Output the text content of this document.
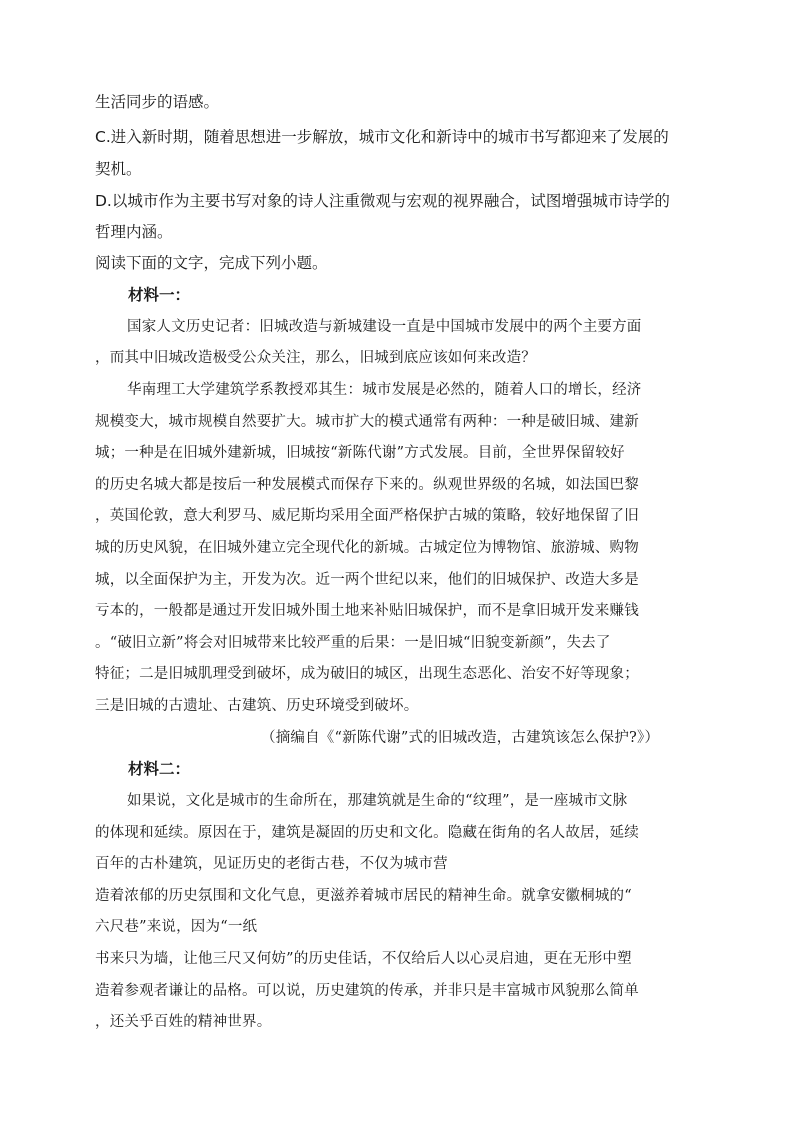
生活同步的语感。
C.进入新时期，随着思想进一步解放，城市文化和新诗中的城市书写都迎来了发展的
契机。
D.以城市作为主要书写对象的诗人注重微观与宏观的视界融合，试图增强城市诗学的
哲理内涵。
阅读下面的文字，完成下列小题。
材料一：
国家人文历史记者：旧城改造与新城建设一直是中国城市发展中的两个主要方面
，而其中旧城改造极受公众关注，那么，旧城到底应该如何来改造？
华南理工大学建筑学系教授邓其生：城市发展是必然的，随着人口的增长，经济
规模变大，城市规模自然要扩大。城市扩大的模式通常有两种：一种是破旧城、建新
城；一种是在旧城外建新城，旧城按“新陈代谢”方式发展。目前，全世界保留较好
的历史名城大都是按后一种发展模式而保存下来的。纵观世界级的名城，如法国巴黎
，英国伦敦，意大利罗马、威尼斯均采用全面严格保护古城的策略，较好地保留了旧
城的历史风貌，在旧城外建立完全现代化的新城。古城定位为博物馆、旅游城、购物
城，以全面保护为主，开发为次。近一两个世纪以来，他们的旧城保护、改造大多是
亏本的，一般都是通过开发旧城外围土地来补贴旧城保护，而不是拿旧城开发来赚钱
。“破旧立新”将会对旧城带来比较严重的后果：一是旧城“旧貌变新颜”，失去了
特征；二是旧城肌理受到破坏，成为破旧的城区，出现生态恶化、治安不好等现象；
三是旧城的古遗址、古建筑、历史环境受到破坏。
（摘编自《“新陈代谢”式的旧城改造，古建筑该怎么保护?》）
材料二：
如果说，文化是城市的生命所在，那建筑就是生命的“纹理”，是一座城市文脉
的体现和延续。原因在于，建筑是凝固的历史和文化。隐藏在街角的名人故居，延续
百年的古朴建筑，见证历史的老街古巷，不仅为城市营
造着浓郁的历史氛围和文化气息，更滋养着城市居民的精神生命。就拿安徽桐城的“
六尺巷”来说，因为“一纸
书来只为墙，让他三尺又何妨”的历史佳话，不仅给后人以心灵启迪，更在无形中塑
造着参观者谦让的品格。可以说，历史建筑的传承，并非只是丰富城市风貌那么简单
，还关乎百姓的精神世界。
